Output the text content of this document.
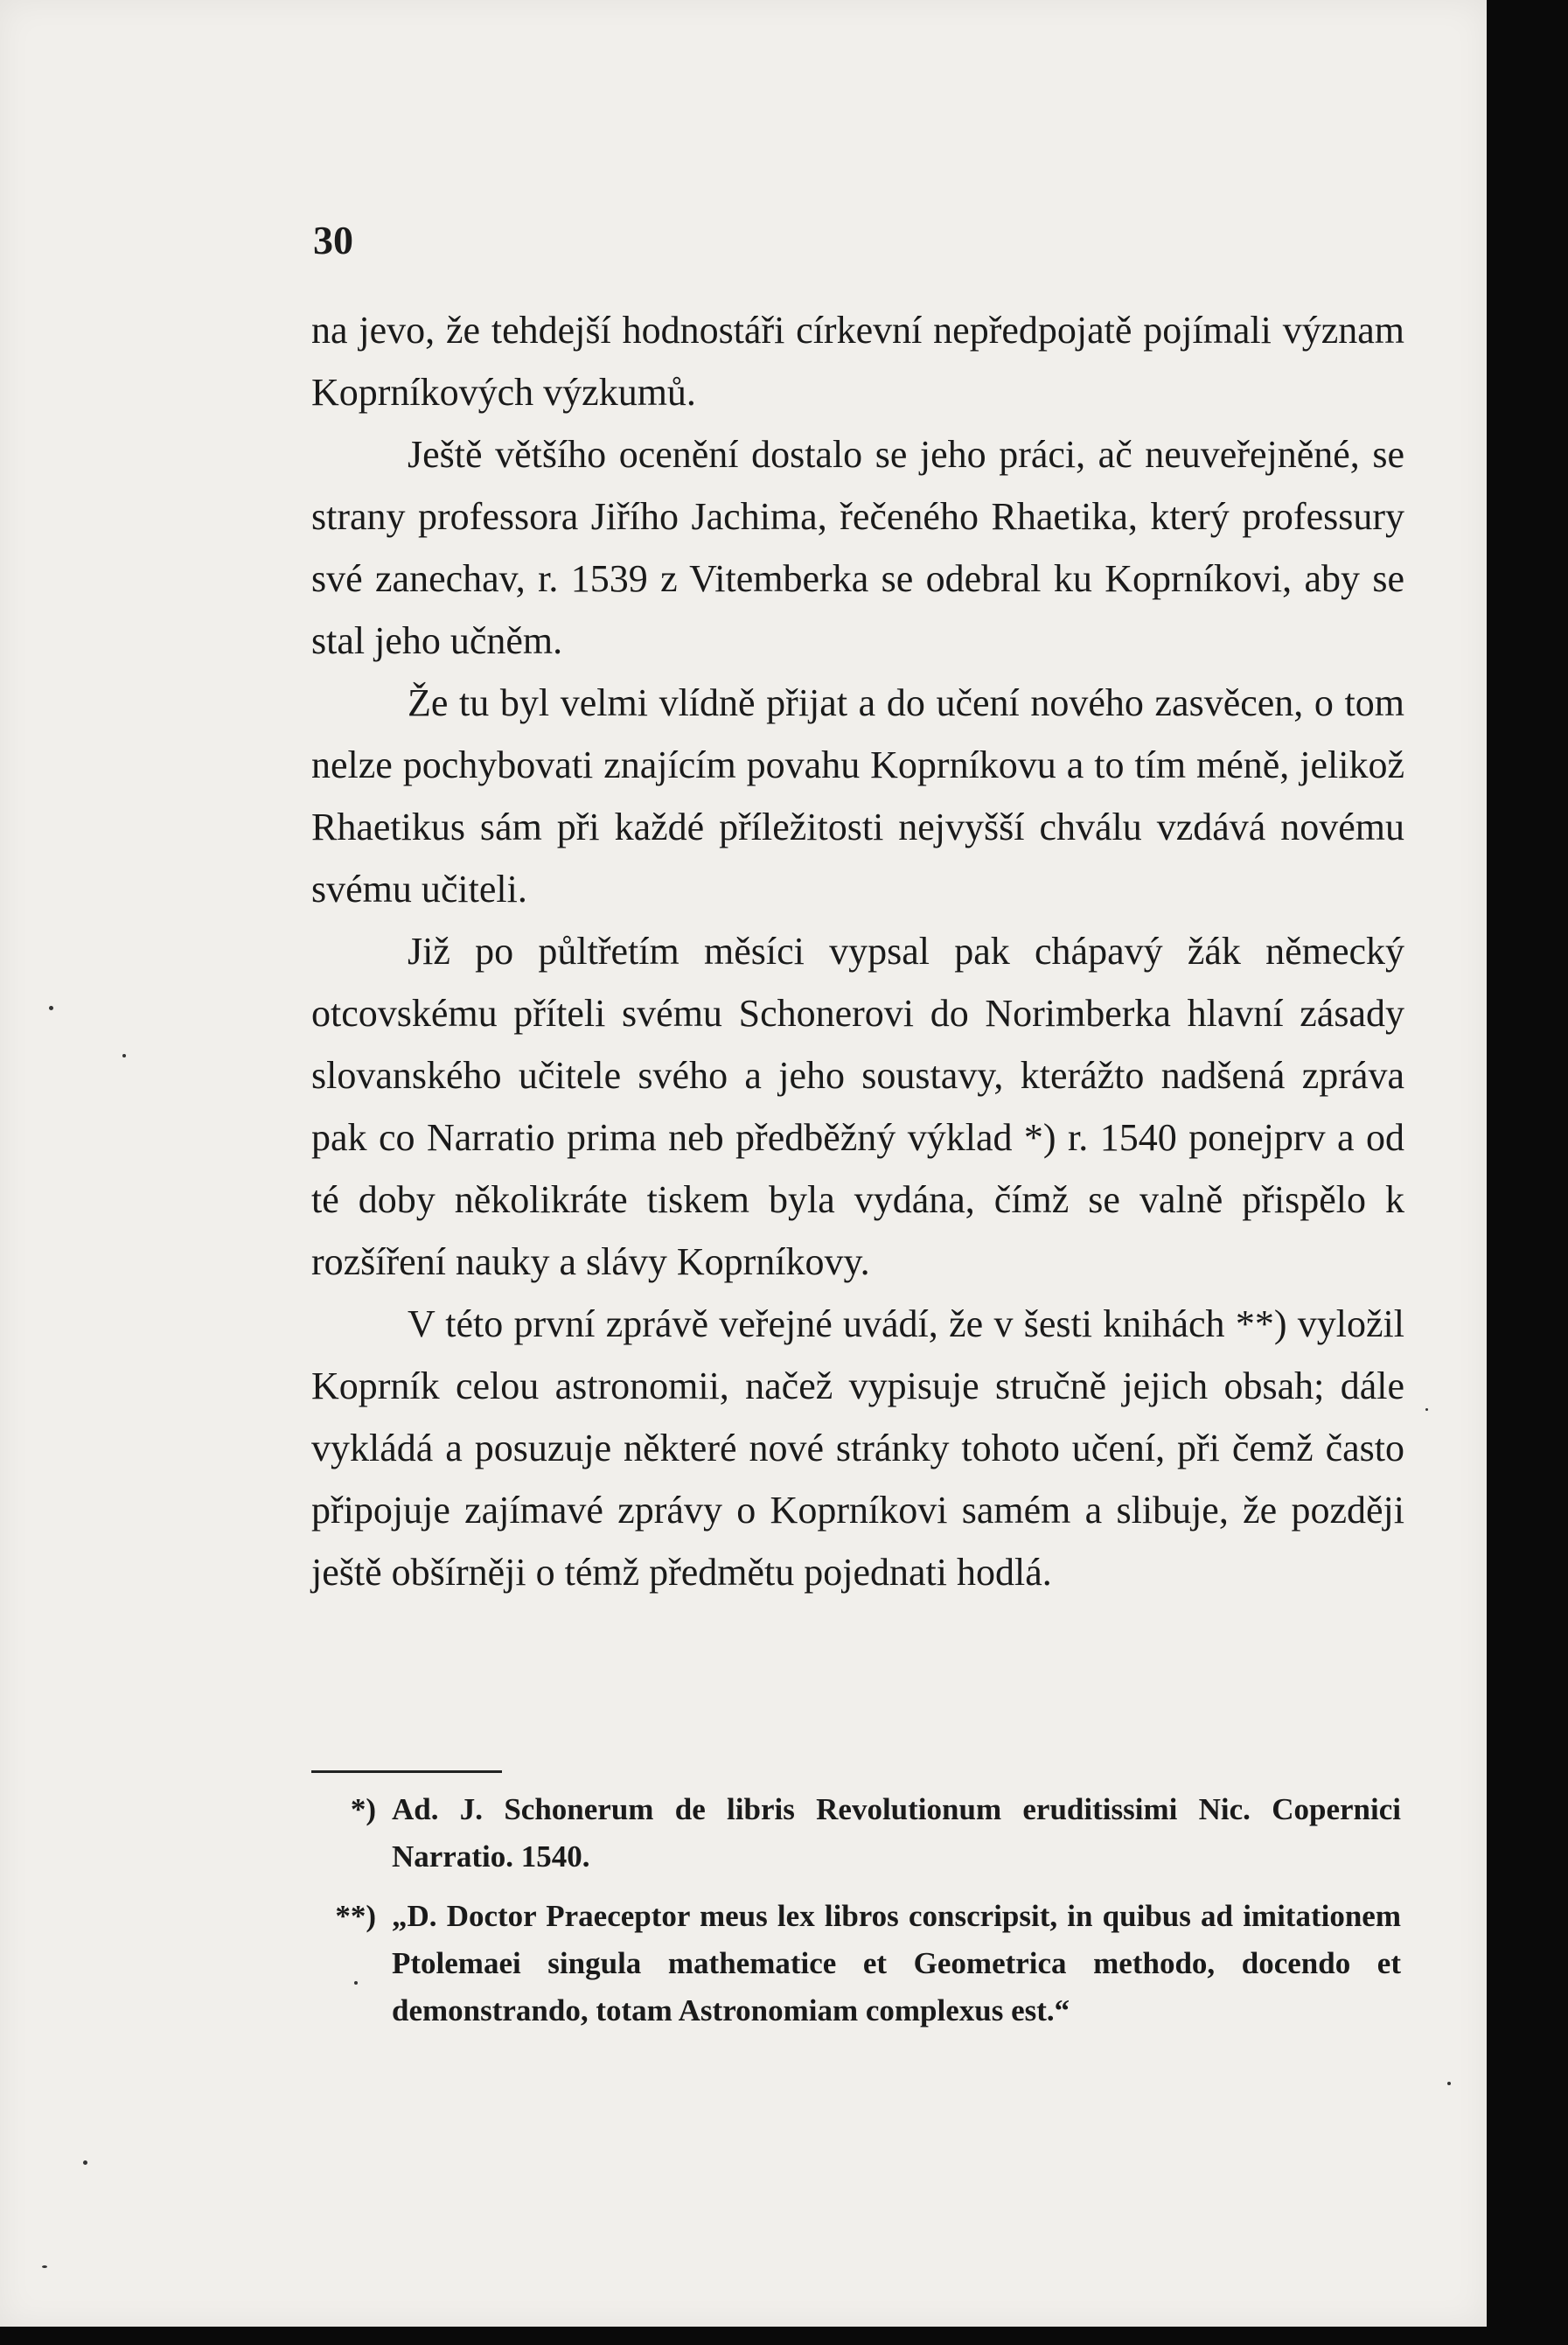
30

na jevo, že tehdejší hodnostáři církevní nepředpojatě pojímali význam Koprníkových výzkumů.

Ještě většího ocenění dostalo se jeho práci, ač neuveřejněné, se strany professora Jiřího Jachima, řečeného Rhaetika, který professury své zanechav, r. 1539 z Vitemberka se odebral ku Koprníkovi, aby se stal jeho učněm.

Že tu byl velmi vlídně přijat a do učení nového zasvěcen, o tom nelze pochybovati znajícím povahu Koprníkovu a to tím méně, jelikož Rhaetikus sám při každé příležitosti nejvyšší chválu vzdává novému svému učiteli.

Již po půltřetím měsíci vypsal pak chápavý žák německý otcovskému příteli svému Schonerovi do Norimberka hlavní zásady slovanského učitele svého a jeho soustavy, kterážto nadšená zpráva pak co Narratio prima neb předběžný výklad *) r. 1540 ponejprv a od té doby několikráte tiskem byla vydána, čímž se valně přispělo k rozšíření nauky a slávy Koprníkovy.

V této první zprávě veřejné uvádí, že v šesti knihách **) vyložil Koprník celou astronomii, načež vypisuje stručně jejich obsah; dále vykládá a posuzuje některé nové stránky tohoto učení, při čemž často připojuje zajímavé zprávy o Koprníkovi samém a slibuje, že později ještě obšírněji o témž předmětu pojednati hodlá.

*) Ad. J. Schonerum de libris Revolutionum eruditissimi Nic. Copernici Narratio. 1540.
**) „D. Doctor Praeceptor meus lex libros conscripsit, in quibus ad imitationem Ptolemaei singula mathematice et Geometrica methodo, docendo et demonstrando, totam Astronomiam complexus est.“
